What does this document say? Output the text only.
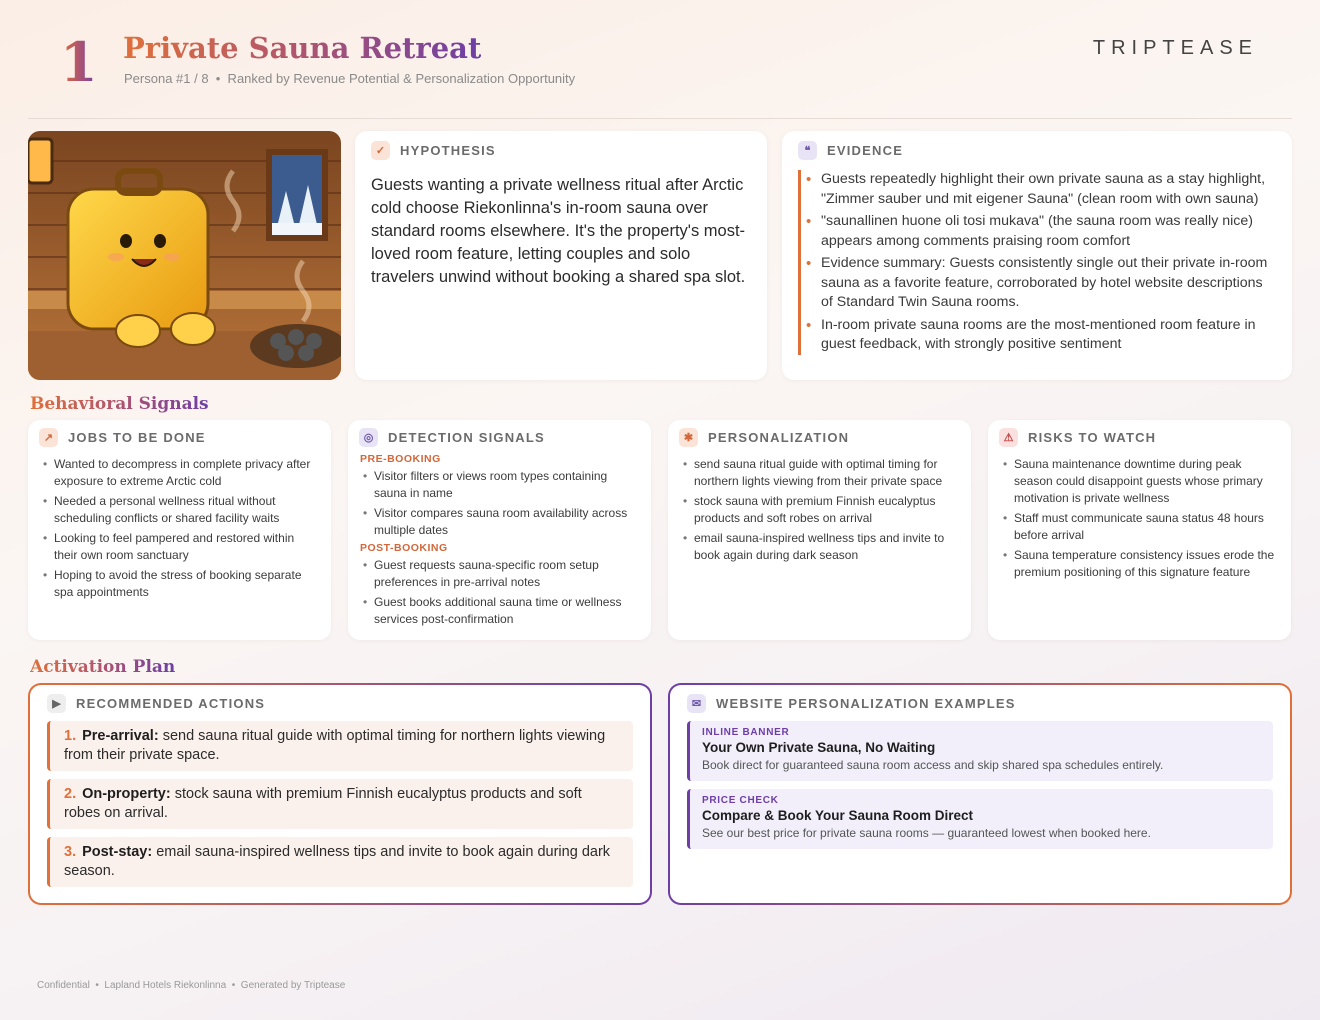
1 Private Sauna Retreat
Persona #1 / 8  •  Ranked by Revenue Potential & Personalization Opportunity
TRIPTEASE
✓	HYPOTHESIS

Guests wanting a private wellness ritual after Arctic cold choose Riekonlinna's in-room sauna over standard rooms elsewhere. It's the property's most-loved room feature, letting couples and solo travelers unwind without booking a shared spa slot.

❝	EVIDENCE
• Guests repeatedly highlight their own private sauna as a stay highlight, "Zimmer sauber und mit eigener Sauna" (clean room with own sauna)
• "saunallinen huone oli tosi mukava" (the sauna room was really nice) appears among comments praising room comfort
• Evidence summary: Guests consistently single out their private in-room sauna as a favorite feature, corroborated by hotel website descriptions of Standard Twin Sauna rooms.
• In-room private sauna rooms are the most-mentioned room feature in guest feedback, with strongly positive sentiment
Behavioral Signals
↗	JOBS TO BE DONE
• Wanted to decompress in complete privacy after exposure to extreme Arctic cold
• Needed a personal wellness ritual without scheduling conflicts or shared facility waits
• Looking to feel pampered and restored within their own room sanctuary
• Hoping to avoid the stress of booking separate spa appointments
◎	DETECTION SIGNALS
PRE-BOOKING
• Visitor filters or views room types containing sauna in name
• Visitor compares sauna room availability across multiple dates
POST-BOOKING
• Guest requests sauna-specific room setup preferences in pre-arrival notes
• Guest books additional sauna time or wellness services post-confirmation
✱	PERSONALIZATION
• send sauna ritual guide with optimal timing for northern lights viewing from their private space
• stock sauna with premium Finnish eucalyptus products and soft robes on arrival
• email sauna-inspired wellness tips and invite to book again during dark season
⚠	RISKS TO WATCH
• Sauna maintenance downtime during peak season could disappoint guests whose primary motivation is private wellness
• Staff must communicate sauna status 48 hours before arrival
• Sauna temperature consistency issues erode the premium positioning of this signature feature
Activation Plan
▶	RECOMMENDED ACTIONS
1. Pre-arrival: send sauna ritual guide with optimal timing for northern lights viewing from their private space.
2. On-property: stock sauna with premium Finnish eucalyptus products and soft robes on arrival.
3. Post-stay: email sauna-inspired wellness tips and invite to book again during dark season.
✉	WEBSITE PERSONALIZATION EXAMPLES
INLINE BANNER
Your Own Private Sauna, No Waiting
Book direct for guaranteed sauna room access and skip shared spa schedules entirely.
PRICE CHECK
Compare & Book Your Sauna Room Direct
See our best price for private sauna rooms — guaranteed lowest when booked here.
Confidential  •  Lapland Hotels Riekonlinna  •  Generated by Triptease
